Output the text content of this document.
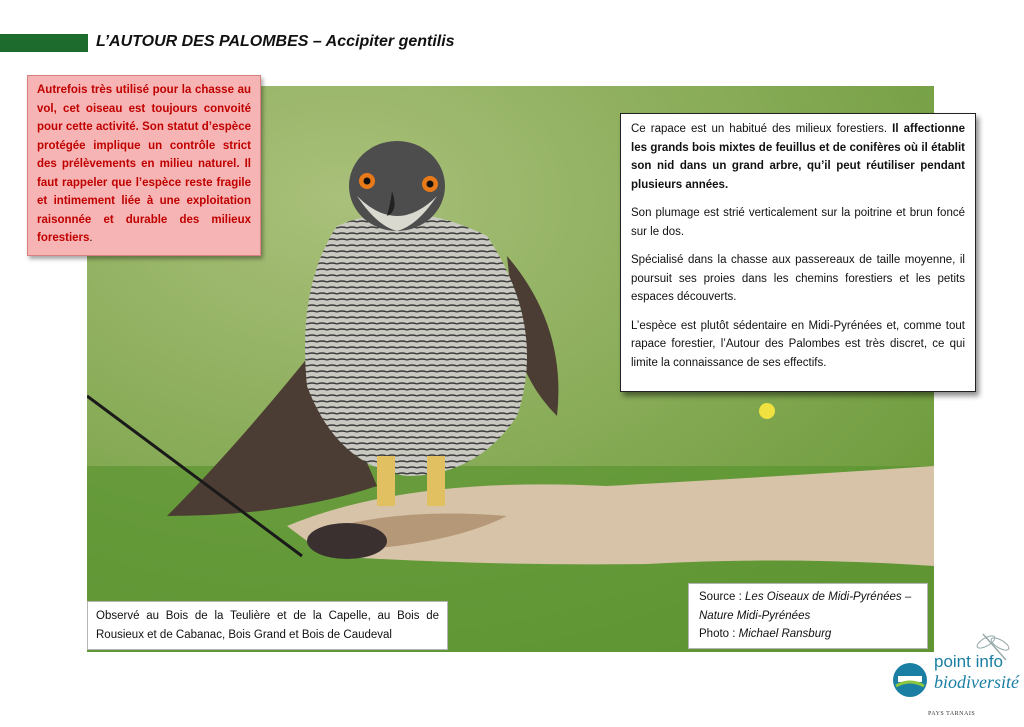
L’AUTOUR DES PALOMBES – Accipiter gentilis
Autrefois très utilisé pour la chasse au vol, cet oiseau est toujours convoité pour cette activité. Son statut d’espèce protégée implique un contrôle strict des prélèvements en milieu naturel. Il faut rappeler que l’espèce reste fragile et intimement liée à une exploitation raisonnée et durable des milieux forestiers.

Ce rapace est un habitué des milieux forestiers. Il affectionne les grands bois mixtes de feuillus et de conifères où il établit son nid dans un grand arbre, qu’il peut réutiliser pendant plusieurs années.

Son plumage est strié verticalement sur la poitrine et brun foncé sur le dos.

Spécialisé dans la chasse aux passereaux de taille moyenne, il poursuit ses proies dans les chemins forestiers et les petits espaces découverts.

L’espèce est plutôt sédentaire en Midi-Pyrénées et, comme tout rapace forestier, l’Autour des Palombes est très discret, ce qui limite la connaissance de ses effectifs.

Observé au Bois de la Teulière et de la Capelle, au Bois de Rousieux et de Cabanac, Bois Grand et Bois de Caudeval
Source : Les Oiseaux de Midi-Pyrénées – Nature Midi-Pyrénées
Photo : Michael Ransburg
point info
biodiversité
PAYS TARNAIS
